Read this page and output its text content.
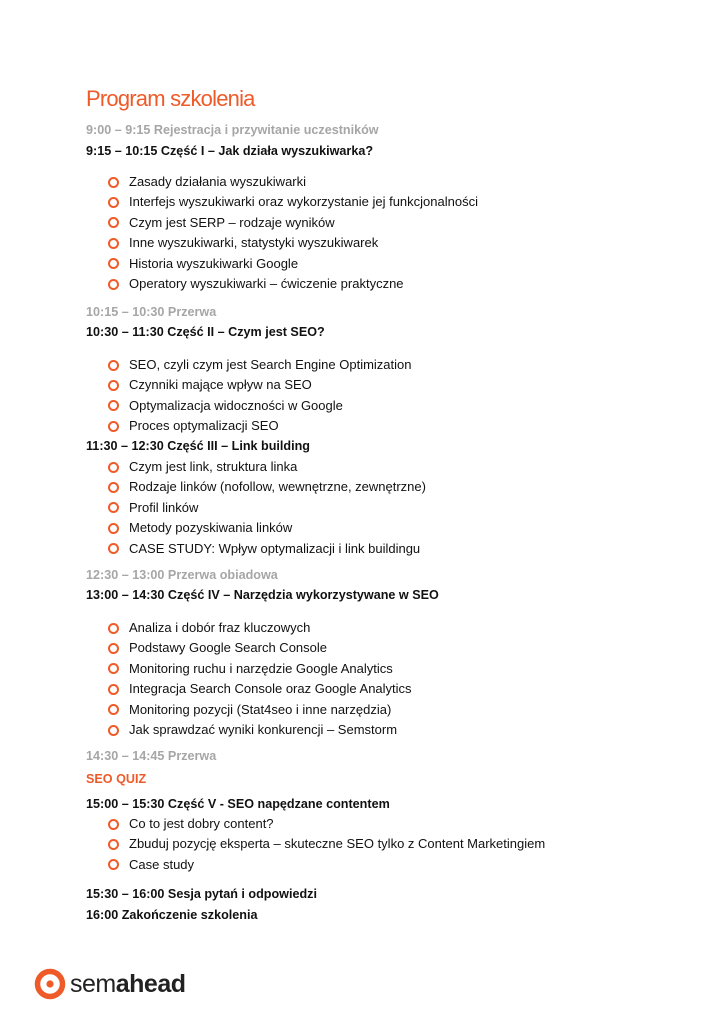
Program szkolenia
9:00 – 9:15 Rejestracja i przywitanie uczestników
9:15 – 10:15 Część I – Jak działa wyszukiwarka?
Zasady działania wyszukiwarki
Interfejs wyszukiwarki oraz wykorzystanie jej funkcjonalności
Czym jest SERP – rodzaje wyników
Inne wyszukiwarki, statystyki wyszukiwarek
Historia wyszukiwarki Google
Operatory wyszukiwarki – ćwiczenie praktyczne
10:15 – 10:30 Przerwa
10:30 – 11:30 Część II – Czym jest SEO?
SEO, czyli czym jest Search Engine Optimization
Czynniki mające wpływ na SEO
Optymalizacja widoczności w Google
Proces optymalizacji SEO
11:30 – 12:30 Część III – Link building
Czym jest link, struktura linka
Rodzaje linków (nofollow, wewnętrzne, zewnętrzne)
Profil linków
Metody pozyskiwania linków
CASE STUDY: Wpływ optymalizacji i link buildingu
12:30 – 13:00 Przerwa obiadowa
13:00 – 14:30 Część IV – Narzędzia wykorzystywane w SEO
Analiza i dobór fraz kluczowych
Podstawy Google Search Console
Monitoring ruchu i narzędzie Google Analytics
Integracja Search Console oraz Google Analytics
Monitoring pozycji (Stat4seo i inne narzędzia)
Jak sprawdzać wyniki konkurencji – Semstorm
14:30 – 14:45 Przerwa
SEO QUIZ
15:00 – 15:30 Część V - SEO napędzane contentem
Co to jest dobry content?
Zbuduj pozycję eksperta – skuteczne SEO tylko z Content Marketingiem
Case study
15:30 – 16:00 Sesja pytań i odpowiedzi
16:00 Zakończenie szkolenia
semahead
